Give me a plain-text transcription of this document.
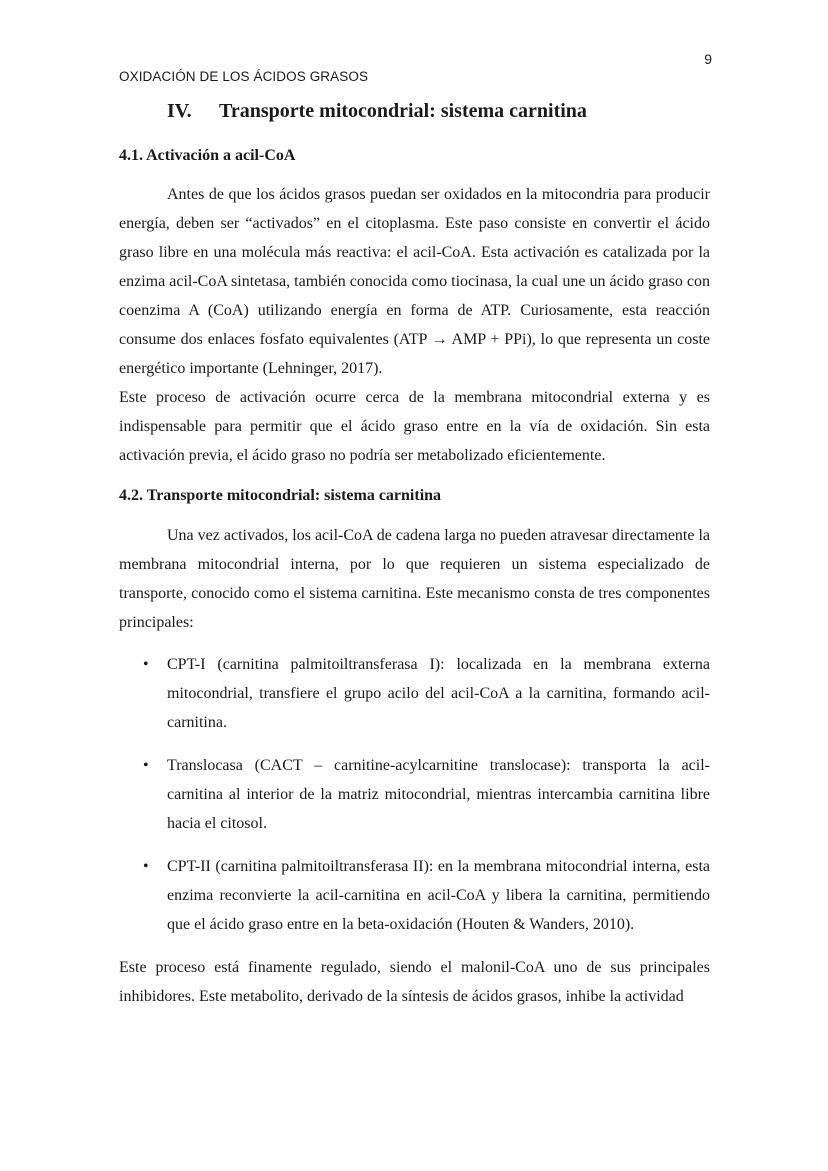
9
OXIDACIÓN DE LOS ÁCIDOS GRASOS
IV.	Transporte mitocondrial: sistema carnitina
4.1. Activación a acil-CoA

Antes de que los ácidos grasos puedan ser oxidados en la mitocondria para producir energía, deben ser “activados” en el citoplasma. Este paso consiste en convertir el ácido graso libre en una molécula más reactiva: el acil-CoA. Esta activación es catalizada por la enzima acil-CoA sintetasa, también conocida como tiocinasa, la cual une un ácido graso con coenzima A (CoA) utilizando energía en forma de ATP. Curiosamente, esta reacción consume dos enlaces fosfato equivalentes (ATP → AMP + PPi), lo que representa un coste energético importante (Lehninger, 2017).

Este proceso de activación ocurre cerca de la membrana mitocondrial externa y es indispensable para permitir que el ácido graso entre en la vía de oxidación. Sin esta activación previa, el ácido graso no podría ser metabolizado eficientemente.

4.2. Transporte mitocondrial: sistema carnitina

Una vez activados, los acil-CoA de cadena larga no pueden atravesar directamente la membrana mitocondrial interna, por lo que requieren un sistema especializado de transporte, conocido como el sistema carnitina. Este mecanismo consta de tres componentes principales:

• CPT-I (carnitina palmitoiltransferasa I): localizada en la membrana externa mitocondrial, transfiere el grupo acilo del acil-CoA a la carnitina, formando acil-carnitina.
• Translocasa (CACT – carnitine-acylcarnitine translocase): transporta la acil-carnitina al interior de la matriz mitocondrial, mientras intercambia carnitina libre hacia el citosol.
• CPT-II (carnitina palmitoiltransferasa II): en la membrana mitocondrial interna, esta enzima reconvierte la acil-carnitina en acil-CoA y libera la carnitina, permitiendo que el ácido graso entre en la beta-oxidación (Houten & Wanders, 2010).

Este proceso está finamente regulado, siendo el malonil-CoA uno de sus principales inhibidores. Este metabolito, derivado de la síntesis de ácidos grasos, inhibe la actividad
